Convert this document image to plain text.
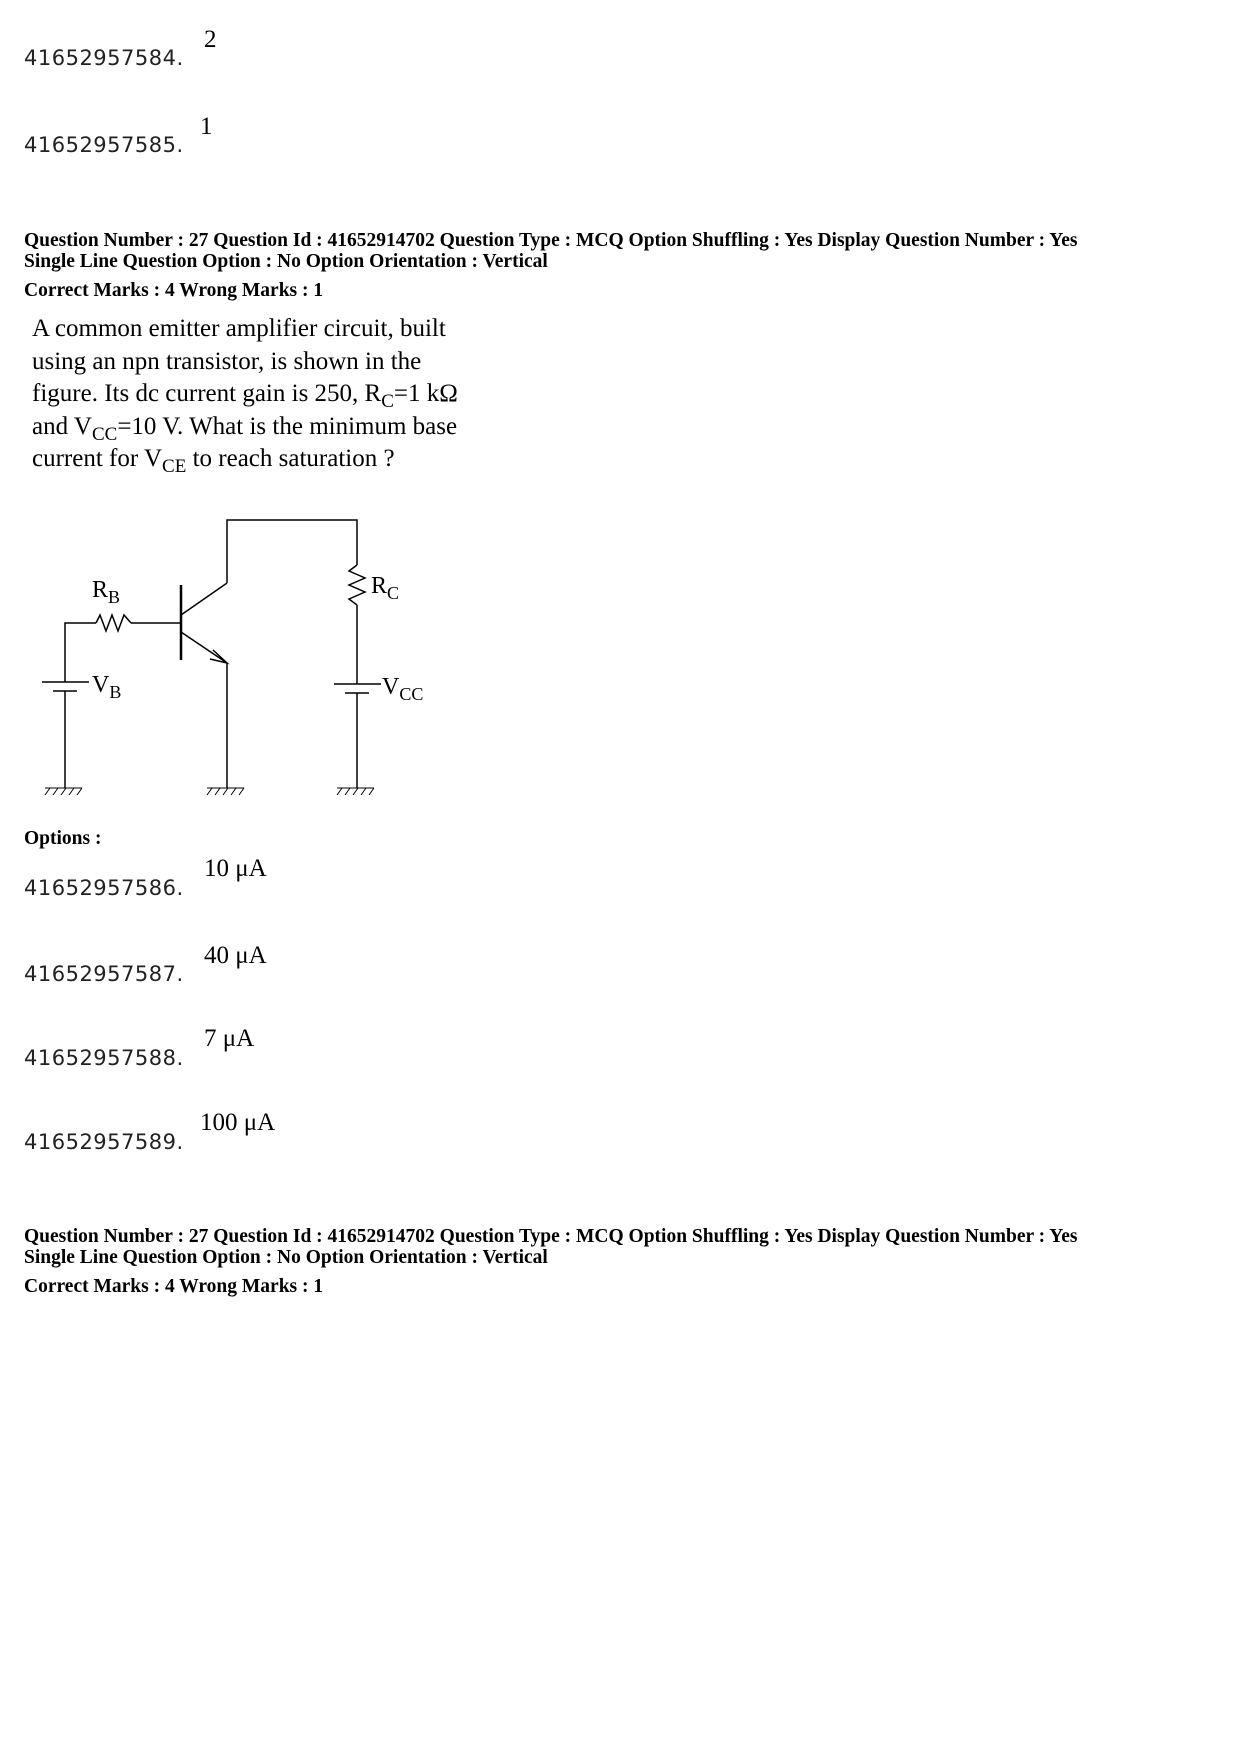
41652957584.
2
41652957585.
1
Question Number : 27 Question Id : 41652914702 Question Type : MCQ Option Shuffling : Yes Display Question Number : Yes
Single Line Question Option : No Option Orientation : Vertical
Correct Marks : 4 Wrong Marks : 1
A common emitter amplifier circuit, built
using an npn transistor, is shown in the
figure. Its dc current gain is 250, $R_C=1$ kΩ
and $V_{CC}=10$ V. What is the minimum base
current for $V_{CE}$ to reach saturation ?
$R_B$	$R_C$
$V_B$	$V_{CC}$
Options :
41652957586.
10 μA
41652957587.
40 μA
41652957588.
7 μA
41652957589.
100 μA
Question Number : 27 Question Id : 41652914702 Question Type : MCQ Option Shuffling : Yes Display Question Number : Yes
Single Line Question Option : No Option Orientation : Vertical
Correct Marks : 4 Wrong Marks : 1
